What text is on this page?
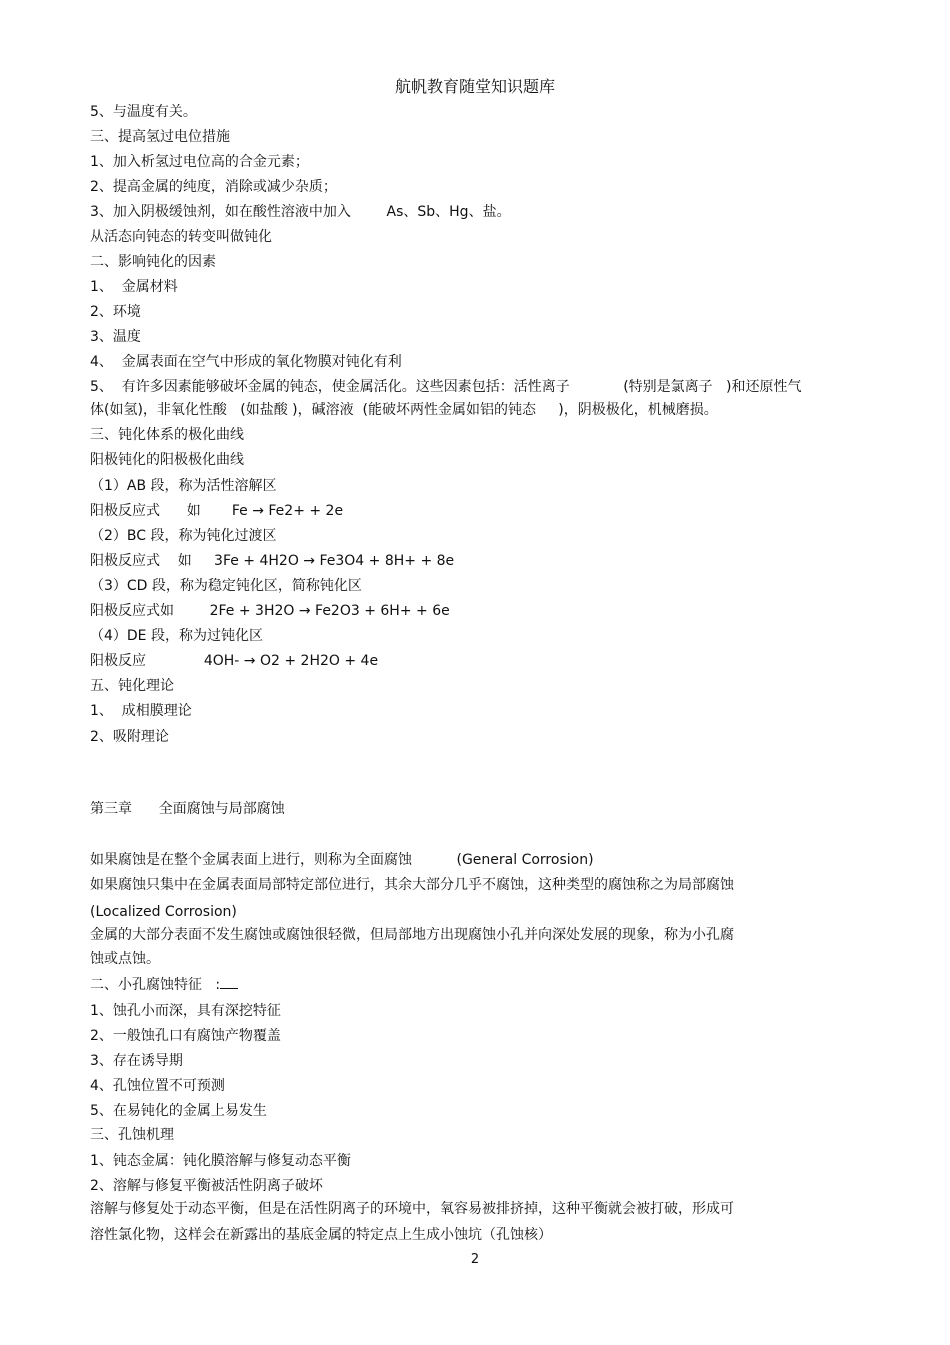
航帆教育随堂知识题库
5、与温度有关。
三、提高氢过电位措施
1、加入析氢过电位高的合金元素；
2、提高金属的纯度，消除或减少杂质；
3、加入阴极缓蚀剂，如在酸性溶液中加入        As、Sb、Hg、盐。
从活态向钝态的转变叫做钝化
二、影响钝化的因素
1、  金属材料
2、环境
3、温度
4、  金属表面在空气中形成的氧化物膜对钝化有利
5、  有许多因素能够破坏金属的钝态，使金属活化。这些因素包括：活性离子            (特别是氯离子   )和还原性气
体(如氢)，非氧化性酸   (如盐酸 )，碱溶液  (能破坏两性金属如铝的钝态     )，阴极极化，机械磨损。
三、钝化体系的极化曲线
阳极钝化的阳极极化曲线
（1）AB 段，称为活性溶解区
阳极反应式      如       Fe → Fe2+ + 2e
（2）BC 段，称为钝化过渡区
阳极反应式    如     3Fe + 4H2O → Fe3O4 + 8H+ + 8e
（3）CD 段，称为稳定钝化区，简称钝化区
阳极反应式如        2Fe + 3H2O → Fe2O3 + 6H+ + 6e
（4）DE 段，称为过钝化区
阳极反应             4OH- → O2 + 2H2O + 4e
五、钝化理论
1、  成相膜理论
2、吸附理论
第三章      全面腐蚀与局部腐蚀
如果腐蚀是在整个金属表面上进行，则称为全面腐蚀          (General Corrosion)
如果腐蚀只集中在金属表面局部特定部位进行，其余大部分几乎不腐蚀，这种类型的腐蚀称之为局部腐蚀
(Localized Corrosion)
金属的大部分表面不发生腐蚀或腐蚀很轻微，但局部地方出现腐蚀小孔并向深处发展的现象，称为小孔腐
蚀或点蚀。
二、小孔腐蚀特征   :
1、蚀孔小而深，具有深挖特征
2、一般蚀孔口有腐蚀产物覆盖
3、存在诱导期
4、孔蚀位置不可预测
5、在易钝化的金属上易发生
三、孔蚀机理
1、钝态金属：钝化膜溶解与修复动态平衡
2、溶解与修复平衡被活性阴离子破坏
溶解与修复处于动态平衡，但是在活性阴离子的环境中，氧容易被排挤掉，这种平衡就会被打破，形成可
溶性氯化物，这样会在新露出的基底金属的特定点上生成小蚀坑（孔蚀核）
2
